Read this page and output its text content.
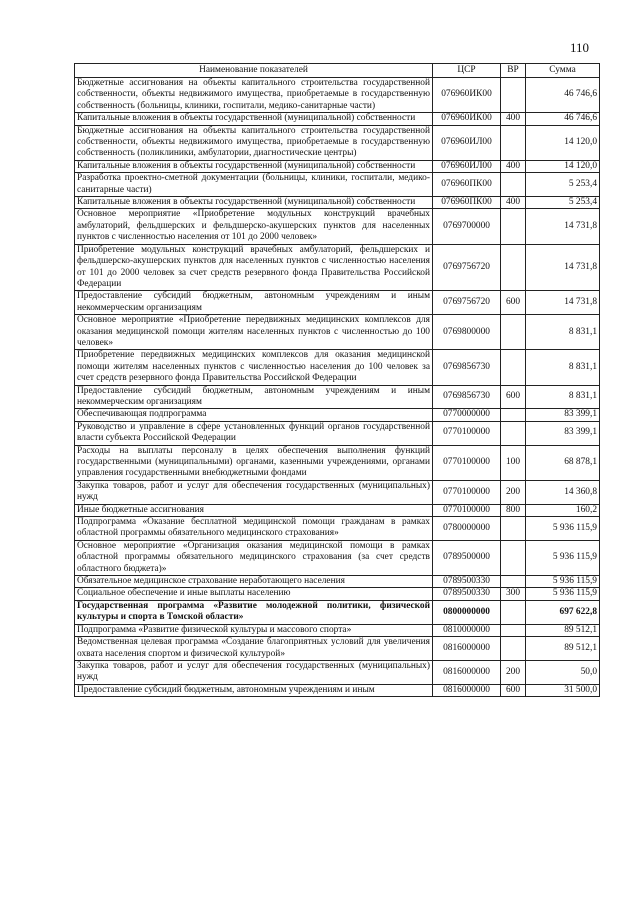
110
Наименование показателей	ЦСР	ВР	Сумма
Бюджетные ассигнования на объекты капитального строительства государственной собственности, объекты недвижимого имущества, приобретаемые в государственную собственность (больницы, клиники, госпитали, медико-санитарные части)	076960ИК00		46 746,6
Капитальные вложения в объекты государственной (муниципальной) собственности	076960ИК00	400	46 746,6
Бюджетные ассигнования на объекты капитального строительства государственной собственности, объекты недвижимого имущества, приобретаемые в государственную собственность (поликлиники, амбулатории, диагностические центры)	076960ИЛ00		14 120,0
Капитальные вложения в объекты государственной (муниципальной) собственности	076960ИЛ00	400	14 120,0
Разработка проектно-сметной документации (больницы, клиники, госпитали, медико-санитарные части)	076960ПК00		5 253,4
Капитальные вложения в объекты государственной (муниципальной) собственности	076960ПК00	400	5 253,4
Основное мероприятие «Приобретение модульных конструкций врачебных амбулаторий, фельдшерских и фельдшерско-акушерских пунктов для населенных пунктов с численностью населения от 101 до 2000 человек»	0769700000		14 731,8
Приобретение модульных конструкций врачебных амбулаторий, фельдшерских и фельдшерско-акушерских пунктов для населенных пунктов с численностью населения от 101 до 2000 человек за счет средств резервного фонда Правительства Российской Федерации	0769756720		14 731,8
Предоставление субсидий бюджетным, автономным учреждениям и иным некоммерческим организациям	0769756720	600	14 731,8
Основное мероприятие «Приобретение передвижных медицинских комплексов для оказания медицинской помощи жителям населенных пунктов с численностью до 100 человек»	0769800000		8 831,1
Приобретение передвижных медицинских комплексов для оказания медицинской помощи жителям населенных пунктов с численностью населения до 100 человек за счет средств резервного фонда Правительства Российской Федерации	0769856730		8 831,1
Предоставление субсидий бюджетным, автономным учреждениям и иным некоммерческим организациям	0769856730	600	8 831,1
Обеспечивающая подпрограмма	0770000000		83 399,1
Руководство и управление в сфере установленных функций органов государственной власти субъекта Российской Федерации	0770100000		83 399,1
Расходы на выплаты персоналу в целях обеспечения выполнения функций государственными (муниципальными) органами, казенными учреждениями, органами управления государственными внебюджетными фондами	0770100000	100	68 878,1
Закупка товаров, работ и услуг для обеспечения государственных (муниципальных) нужд	0770100000	200	14 360,8
Иные бюджетные ассигнования	0770100000	800	160,2
Подпрограмма «Оказание бесплатной медицинской помощи гражданам в рамках областной программы обязательного медицинского страхования»	0780000000		5 936 115,9
Основное мероприятие «Организация оказания медицинской помощи в рамках областной программы обязательного медицинского страхования (за счет средств областного бюджета)»	0789500000		5 936 115,9
Обязательное медицинское страхование неработающего населения	0789500330		5 936 115,9
Социальное обеспечение и иные выплаты населению	0789500330	300	5 936 115,9
Государственная программа «Развитие молодежной политики, физической культуры и спорта в Томской области»	0800000000		697 622,8
Подпрограмма «Развитие физической культуры и массового спорта»	0810000000		89 512,1
Ведомственная целевая программа «Создание благоприятных условий для увеличения охвата населения спортом и физической культурой»	0816000000		89 512,1
Закупка товаров, работ и услуг для обеспечения государственных (муниципальных) нужд	0816000000	200	50,0
Предоставление субсидий бюджетным, автономным учреждениям и иным	0816000000	600	31 500,0
